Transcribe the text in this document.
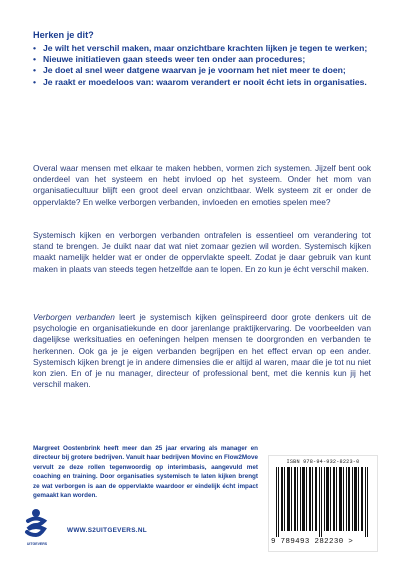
Herken je dit?
• Je wilt het verschil maken, maar onzichtbare krachten lijken je tegen te werken;
• Nieuwe initiatieven gaan steeds weer ten onder aan procedures;
• Je doet al snel weer datgene waarvan je je voornam het niet meer te doen;
• Je raakt er moedeloos van: waarom verandert er nooit écht iets in organisaties.

Overal waar mensen met elkaar te maken hebben, vormen zich systemen. Jijzelf bent ook onderdeel van het systeem en hebt invloed op het systeem. Onder het mom van organisatiecultuur blijft een groot deel ervan onzichtbaar. Welk systeem zit er onder de oppervlakte? En welke verborgen verbanden, invloeden en emoties spelen mee?

Systemisch kijken en verborgen verbanden ontrafelen is essentieel om verandering tot stand te brengen. Je duikt naar dat wat niet zomaar gezien wil worden. Systemisch kijken maakt namelijk helder wat er onder de oppervlakte speelt. Zodat je daar gebruik van kunt maken in plaats van steeds tegen hetzelfde aan te lopen. En zo kun je écht verschil maken.

Verborgen verbanden leert je systemisch kijken geïnspireerd door grote denkers uit de psychologie en organisatiekunde en door jarenlange praktijkervaring. De voorbeelden van dagelijkse werksituaties en oefeningen helpen mensen te doorgronden en verbanden te herkennen. Ook ga je je eigen verbanden begrijpen en het effect ervan op een ander. Systemisch kijken brengt je in andere dimensies die er altijd al waren, maar die je tot nu niet kon zien. En of je nu manager, directeur of professional bent, met die kennis kun jij het verschil maken.

Margreet Oostenbrink heeft meer dan 25 jaar ervaring als manager en directeur bij grotere bedrijven. Vanuit haar bedrijven Movinc en Flow2Move vervult ze deze rollen tegenwoordig op interimbasis, aangevuld met coaching en training. Door organisaties systemisch te laten kijken brengt ze wat verborgen is aan de oppervlakte waardoor er eindelijk écht impact gemaakt kan worden.

ISBN 978-94-932-8223-0
9 789493 282230 >
UITGEVERS
WWW.S2UITGEVERS.NL
